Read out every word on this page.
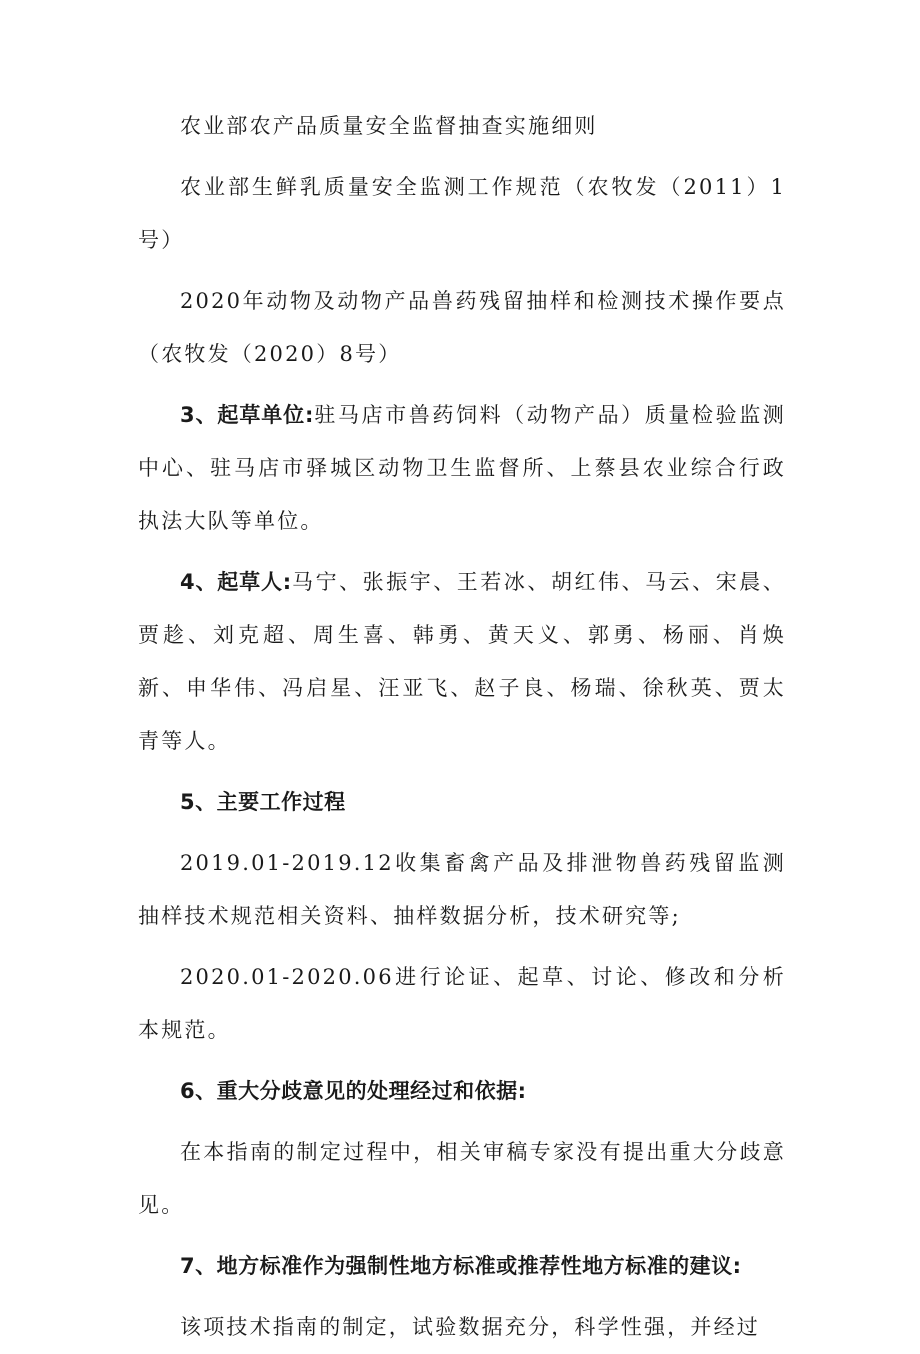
农业部农产品质量安全监督抽查实施细则

农业部生鲜乳质量安全监测工作规范（农牧发（2011）1号）

2020年动物及动物产品兽药残留抽样和检测技术操作要点（农牧发（2020）8号）

3、起草单位:驻马店市兽药饲料（动物产品）质量检验监测中心、驻马店市驿城区动物卫生监督所、上蔡县农业综合行政执法大队等单位。

4、起草人:马宁、张振宇、王若冰、胡红伟、马云、宋晨、贾趁、刘克超、周生喜、韩勇、黄天义、郭勇、杨丽、肖焕新、申华伟、冯启星、汪亚飞、赵子良、杨瑞、徐秋英、贾太青等人。

5、主要工作过程

2019.01-2019.12收集畜禽产品及排泄物兽药残留监测抽样技术规范相关资料、抽样数据分析，技术研究等;

2020.01-2020.06进行论证、起草、讨论、修改和分析本规范。

6、重大分歧意见的处理经过和依据:

在本指南的制定过程中，相关审稿专家没有提出重大分歧意见。

7、地方标准作为强制性地方标准或推荐性地方标准的建议:

该项技术指南的制定，试验数据充分，科学性强，并经过
